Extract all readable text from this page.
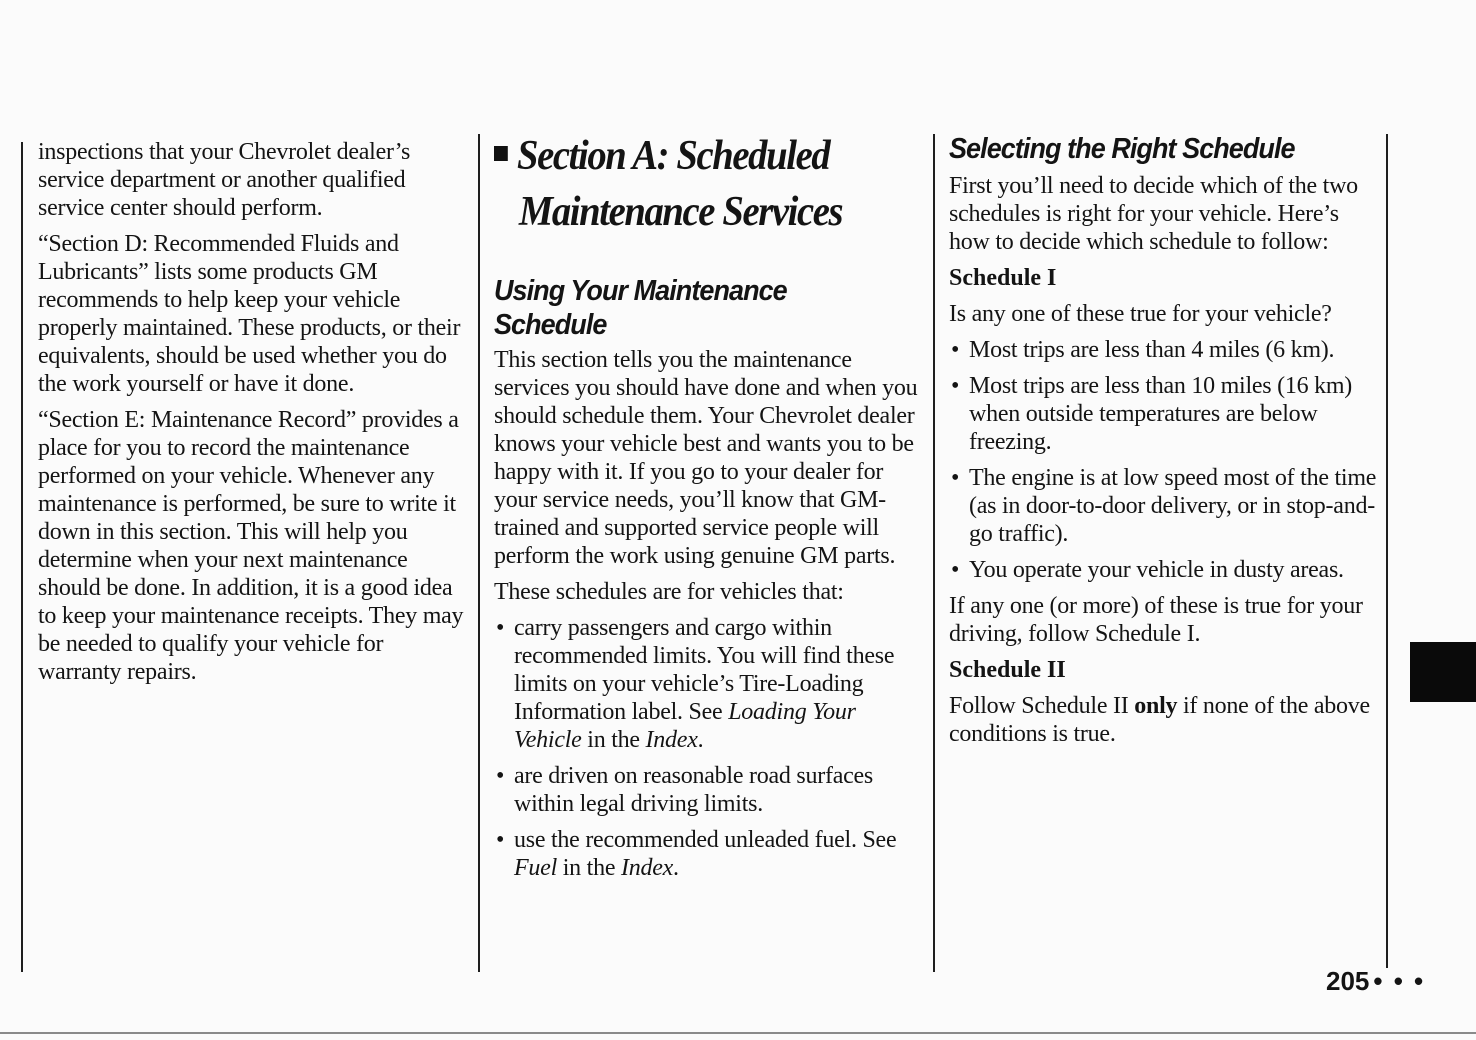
inspections that your Chevrolet dealer’s service department or another qualified service center should perform.

“Section D: Recommended Fluids and Lubricants” lists some products GM recommends to help keep your vehicle properly maintained. These products, or their equivalents, should be used whether you do the work yourself or have it done.

“Section E: Maintenance Record” provides a place for you to record the maintenance performed on your vehicle. Whenever any maintenance is performed, be sure to write it down in this section. This will help you determine when your next maintenance should be done. In addition, it is a good idea to keep your maintenance receipts. They may be needed to qualify your vehicle for warranty repairs.

Section A: Scheduled
Maintenance Services
Using Your Maintenance
Schedule

This section tells you the maintenance services you should have done and when you should schedule them. Your Chevrolet dealer knows your vehicle best and wants you to be happy with it. If you go to your dealer for your service needs, you’ll know that GM-trained and supported service people will perform the work using genuine GM parts.

These schedules are for vehicles that:

• carry passengers and cargo within recommended limits. You will find these limits on your vehicle’s Tire-Loading Information label. See Loading Your Vehicle in the Index.
• are driven on reasonable road surfaces within legal driving limits.
• use the recommended unleaded fuel. See Fuel in the Index.
Selecting the Right Schedule

First you’ll need to decide which of the two schedules is right for your vehicle. Here’s how to decide which schedule to follow:

Schedule I

Is any one of these true for your vehicle?

• Most trips are less than 4 miles (6 km).
• Most trips are less than 10 miles (16 km) when outside temperatures are below freezing.
• The engine is at low speed most of the time (as in door-to-door delivery, or in stop-and-go traffic).
• You operate your vehicle in dusty areas.

If any one (or more) of these is true for your driving, follow Schedule I.

Schedule II

Follow Schedule II only if none of the above conditions is true.

205 • • •
